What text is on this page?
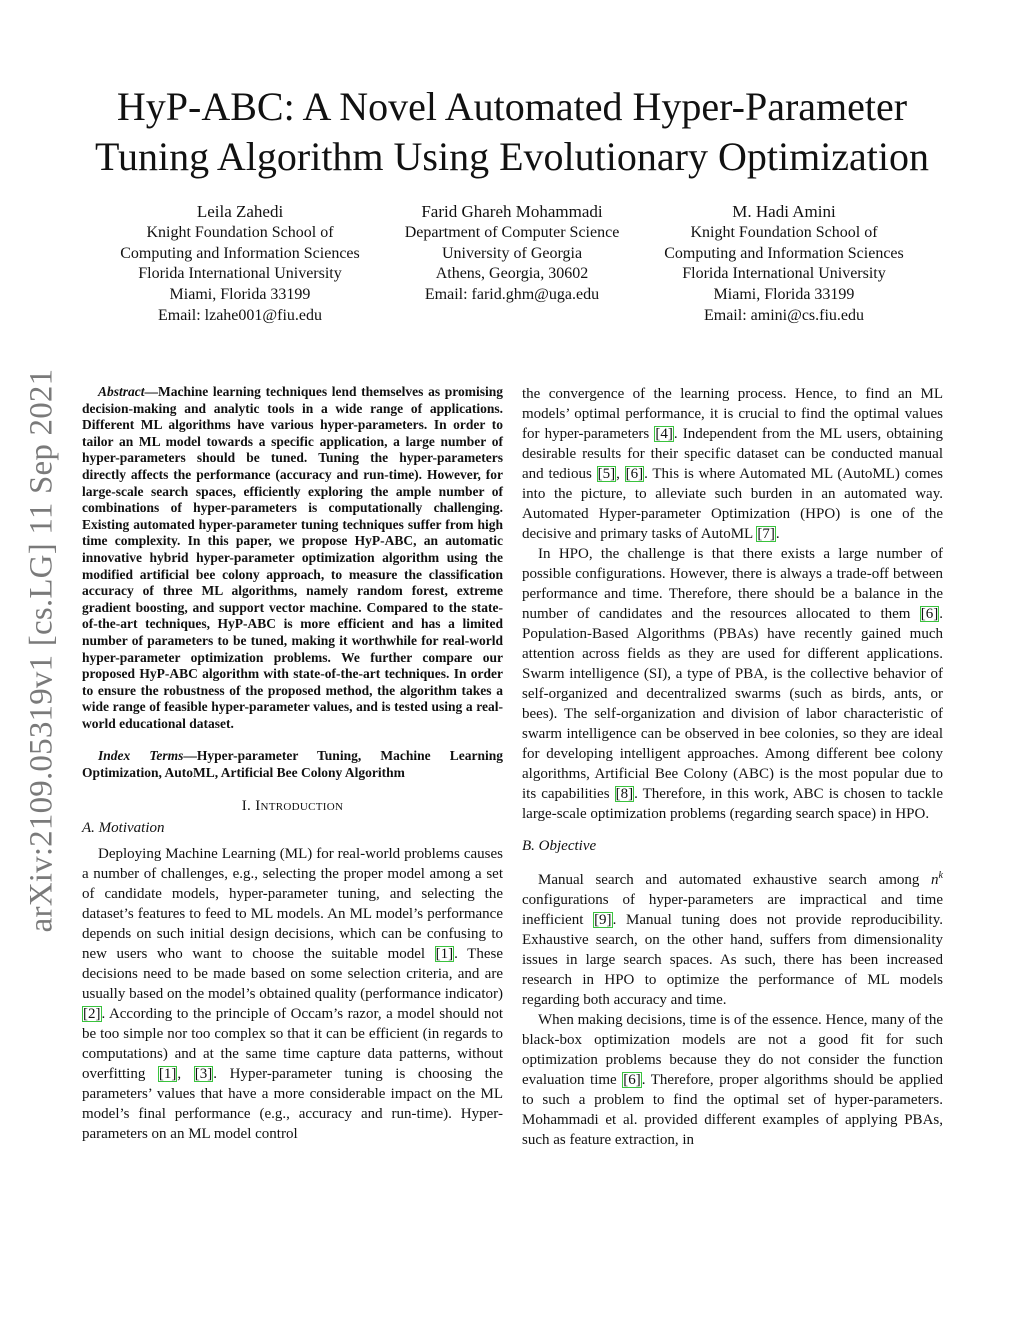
arXiv:2109.05319v1 [cs.LG] 11 Sep 2021
HyP-ABC: A Novel Automated Hyper-Parameter
Tuning Algorithm Using Evolutionary Optimization
Leila Zahedi
Knight Foundation School of
Computing and Information Sciences
Florida International University
Miami, Florida 33199
Email: lzahe001@fiu.edu
Farid Ghareh Mohammadi
Department of Computer Science
University of Georgia
Athens, Georgia, 30602
Email: farid.ghm@uga.edu
M. Hadi Amini
Knight Foundation School of
Computing and Information Sciences
Florida International University
Miami, Florida 33199
Email: amini@cs.fiu.edu

Abstract—Machine learning techniques lend themselves as promising decision-making and analytic tools in a wide range of applications. Different ML algorithms have various hyper-parameters. In order to tailor an ML model towards a specific application, a large number of hyper-parameters should be tuned. Tuning the hyper-parameters directly affects the performance (accuracy and run-time). However, for large-scale search spaces, efficiently exploring the ample number of combinations of hyper-parameters is computationally challenging. Existing automated hyper-parameter tuning techniques suffer from high time complexity. In this paper, we propose HyP-ABC, an automatic innovative hybrid hyper-parameter optimization algorithm using the modified artificial bee colony approach, to measure the classification accuracy of three ML algorithms, namely random forest, extreme gradient boosting, and support vector machine. Compared to the state-of-the-art techniques, HyP-ABC is more efficient and has a limited number of parameters to be tuned, making it worthwhile for real-world hyper-parameter optimization problems. We further compare our proposed HyP-ABC algorithm with state-of-the-art techniques. In order to ensure the robustness of the proposed method, the algorithm takes a wide range of feasible hyper-parameter values, and is tested using a real-world educational dataset.

Index Terms—Hyper-parameter Tuning, Machine Learning Optimization, AutoML, Artificial Bee Colony Algorithm

I. Introduction
A. Motivation

Deploying Machine Learning (ML) for real-world problems causes a number of challenges, e.g., selecting the proper model among a set of candidate models, hyper-parameter tuning, and selecting the dataset’s features to feed to ML models. An ML model’s performance depends on such initial design decisions, which can be confusing to new users who want to choose the suitable model [1]. These decisions need to be made based on some selection criteria, and are usually based on the model’s obtained quality (performance indicator) [2]. According to the principle of Occam’s razor, a model should not be too simple nor too complex so that it can be efficient (in regards to computations) and at the same time capture data patterns, without overfitting [1], [3]. Hyper-parameter tuning is choosing the parameters’ values that have a more considerable impact on the ML model’s final performance (e.g., accuracy and run-time). Hyper-parameters on an ML model control

the convergence of the learning process. Hence, to find an ML models’ optimal performance, it is crucial to find the optimal values for hyper-parameters [4]. Independent from the ML users, obtaining desirable results for their specific dataset can be conducted manual and tedious [5], [6]. This is where Automated ML (AutoML) comes into the picture, to alleviate such burden in an automated way. Automated Hyper-parameter Optimization (HPO) is one of the decisive and primary tasks of AutoML [7].

In HPO, the challenge is that there exists a large number of possible configurations. However, there is always a trade-off between performance and time. Therefore, there should be a balance in the number of candidates and the resources allocated to them [6]. Population-Based Algorithms (PBAs) have recently gained much attention across fields as they are used for different applications. Swarm intelligence (SI), a type of PBA, is the collective behavior of self-organized and decentralized swarms (such as birds, ants, or bees). The self-organization and division of labor characteristic of swarm intelligence can be observed in bee colonies, so they are ideal for developing intelligent approaches. Among different bee colony algorithms, Artificial Bee Colony (ABC) is the most popular due to its capabilities [8]. Therefore, in this work, ABC is chosen to tackle large-scale optimization problems (regarding search space) in HPO.

B. Objective

Manual search and automated exhaustive search among $n^k$ configurations of hyper-parameters are impractical and time inefficient [9]. Manual tuning does not provide reproducibility. Exhaustive search, on the other hand, suffers from dimensionality issues in large search spaces. As such, there has been increased research in HPO to optimize the performance of ML models regarding both accuracy and time.

When making decisions, time is of the essence. Hence, many of the black-box optimization models are not a good fit for such optimization problems because they do not consider the function evaluation time [6]. Therefore, proper algorithms should be applied to such a problem to find the optimal set of hyper-parameters. Mohammadi et al. provided different examples of applying PBAs, such as feature extraction, in
